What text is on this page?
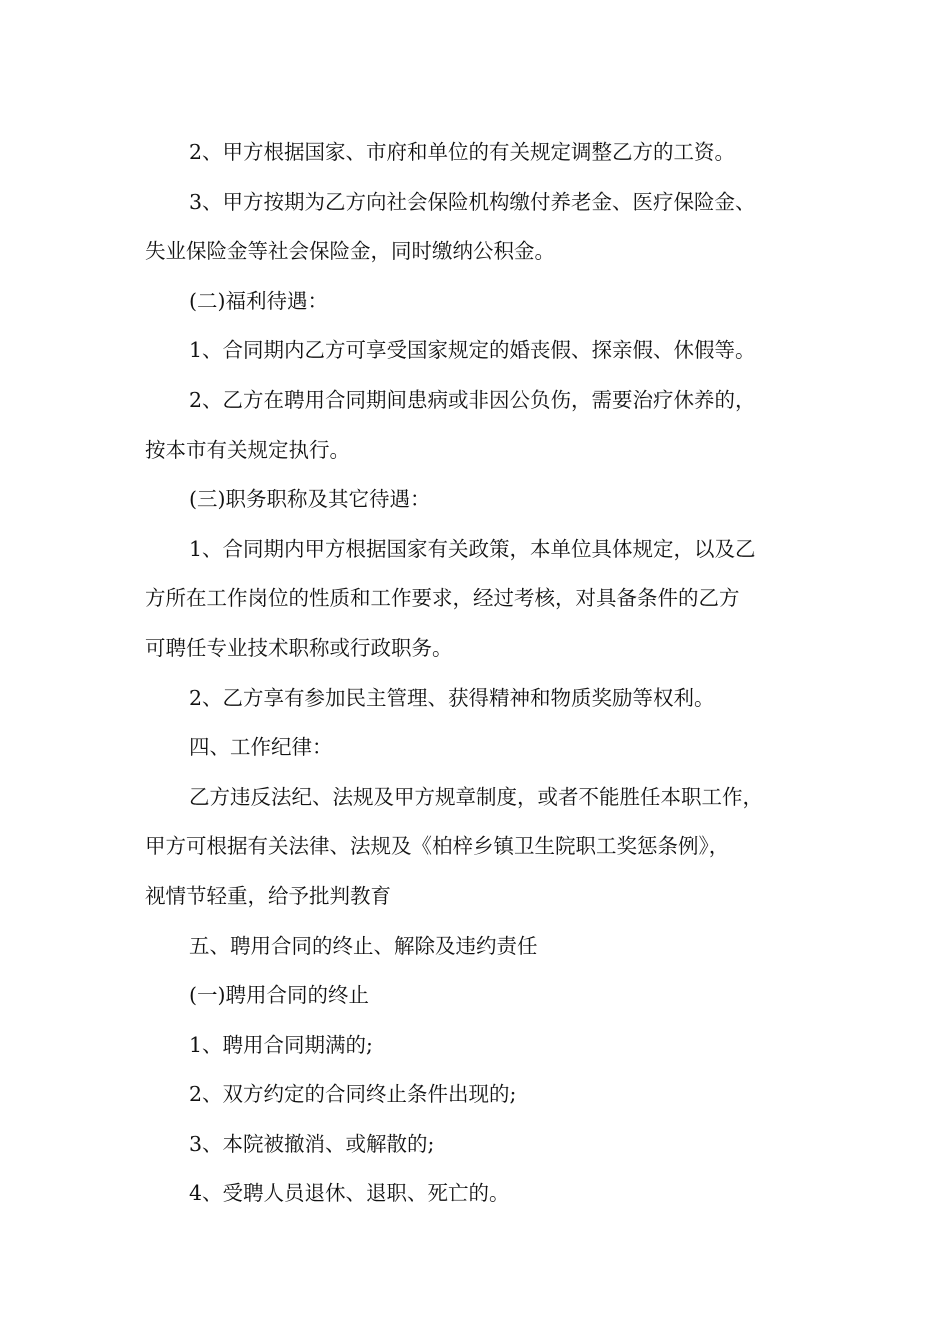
2、甲方根据国家、市府和单位的有关规定调整乙方的工资。

3、甲方按期为乙方向社会保险机构缴付养老金、医疗保险金、

失业保险金等社会保险金，同时缴纳公积金。

(二)福利待遇：

1、合同期内乙方可享受国家规定的婚丧假、探亲假、休假等。

2、乙方在聘用合同期间患病或非因公负伤，需要治疗休养的，

按本市有关规定执行。

(三)职务职称及其它待遇：

1、合同期内甲方根据国家有关政策，本单位具体规定，以及乙

方所在工作岗位的性质和工作要求，经过考核，对具备条件的乙方

可聘任专业技术职称或行政职务。

2、乙方享有参加民主管理、获得精神和物质奖励等权利。

四、工作纪律：

乙方违反法纪、法规及甲方规章制度，或者不能胜任本职工作，

甲方可根据有关法律、法规及《柏梓乡镇卫生院职工奖惩条例》，

视情节轻重，给予批判教育

五、聘用合同的终止、解除及违约责任

(一)聘用合同的终止

1、聘用合同期满的;

2、双方约定的合同终止条件出现的;

3、本院被撤消、或解散的;

4、受聘人员退休、退职、死亡的。
